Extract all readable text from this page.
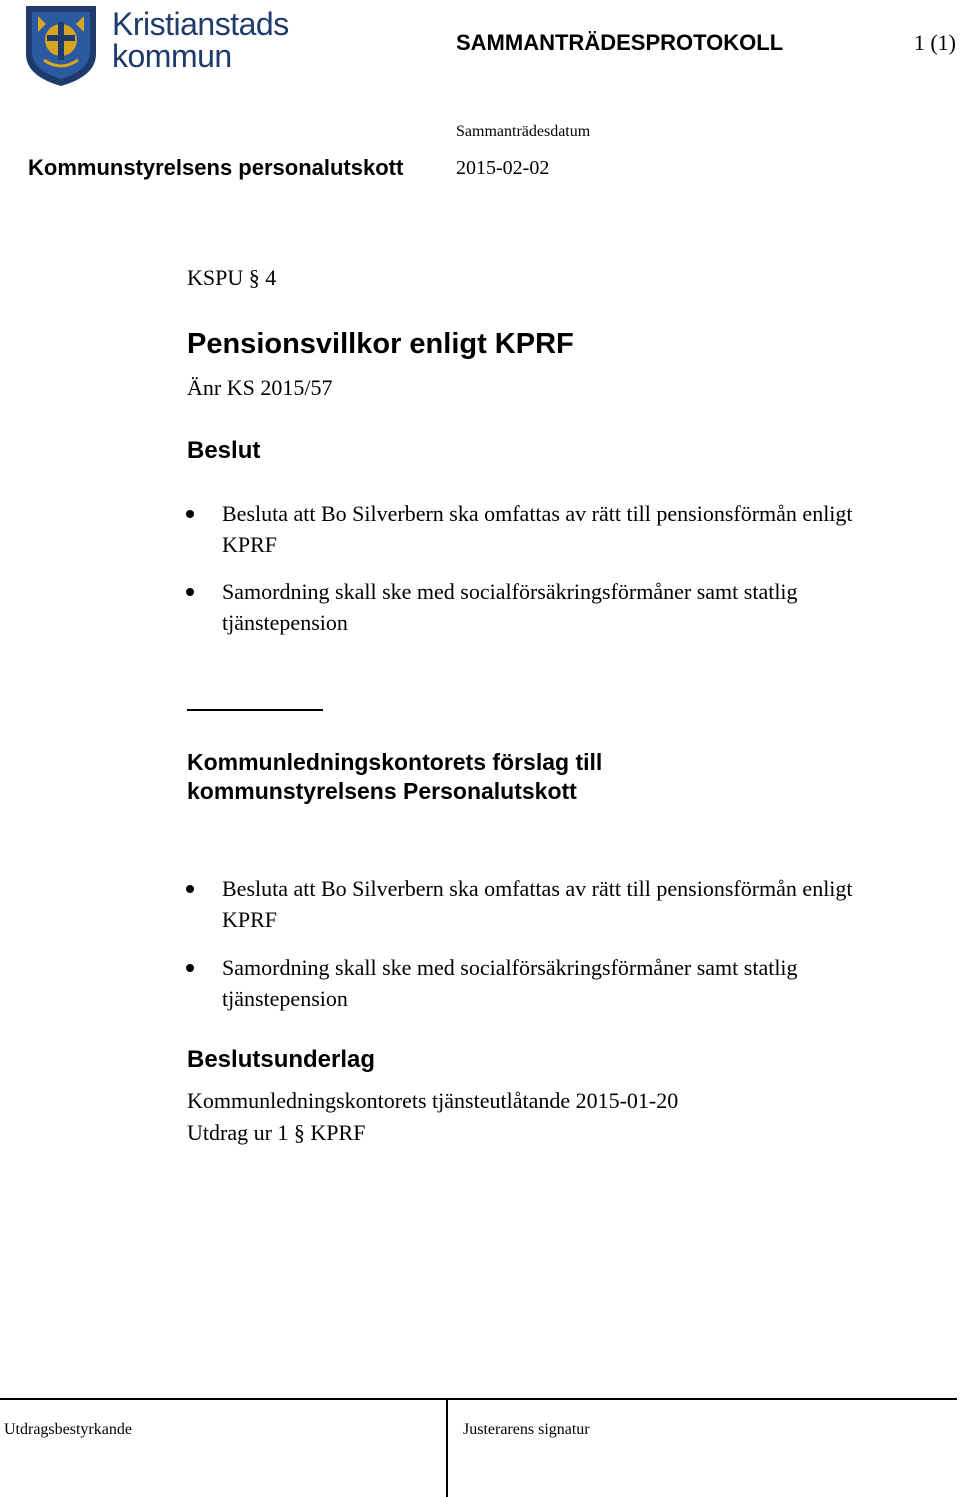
Kristianstads
kommun	SAMMANTRÄDESPROTOKOLL	1 (1)
Kommunstyrelsens personalutskott
Sammanträdesdatum
2015-02-02
KSPU § 4
Pensionsvillkor enligt KPRF
Änr KS 2015/57
Beslut
Besluta att Bo Silverbern ska omfattas av rätt till pensionsförmån enligt KPRF
Samordning skall ske med socialförsäkringsförmåner samt statlig tjänstepension
Kommunledningskontorets förslag till kommunstyrelsens Personalutskott
Besluta att Bo Silverbern ska omfattas av rätt till pensionsförmån enligt KPRF
Samordning skall ske med socialförsäkringsförmåner samt statlig tjänstepension
Beslutsunderlag
Kommunledningskontorets tjänsteutlåtande 2015-01-20
Utdrag ur 1 § KPRF
Utdragsbestyrkande	Justerarens signatur
